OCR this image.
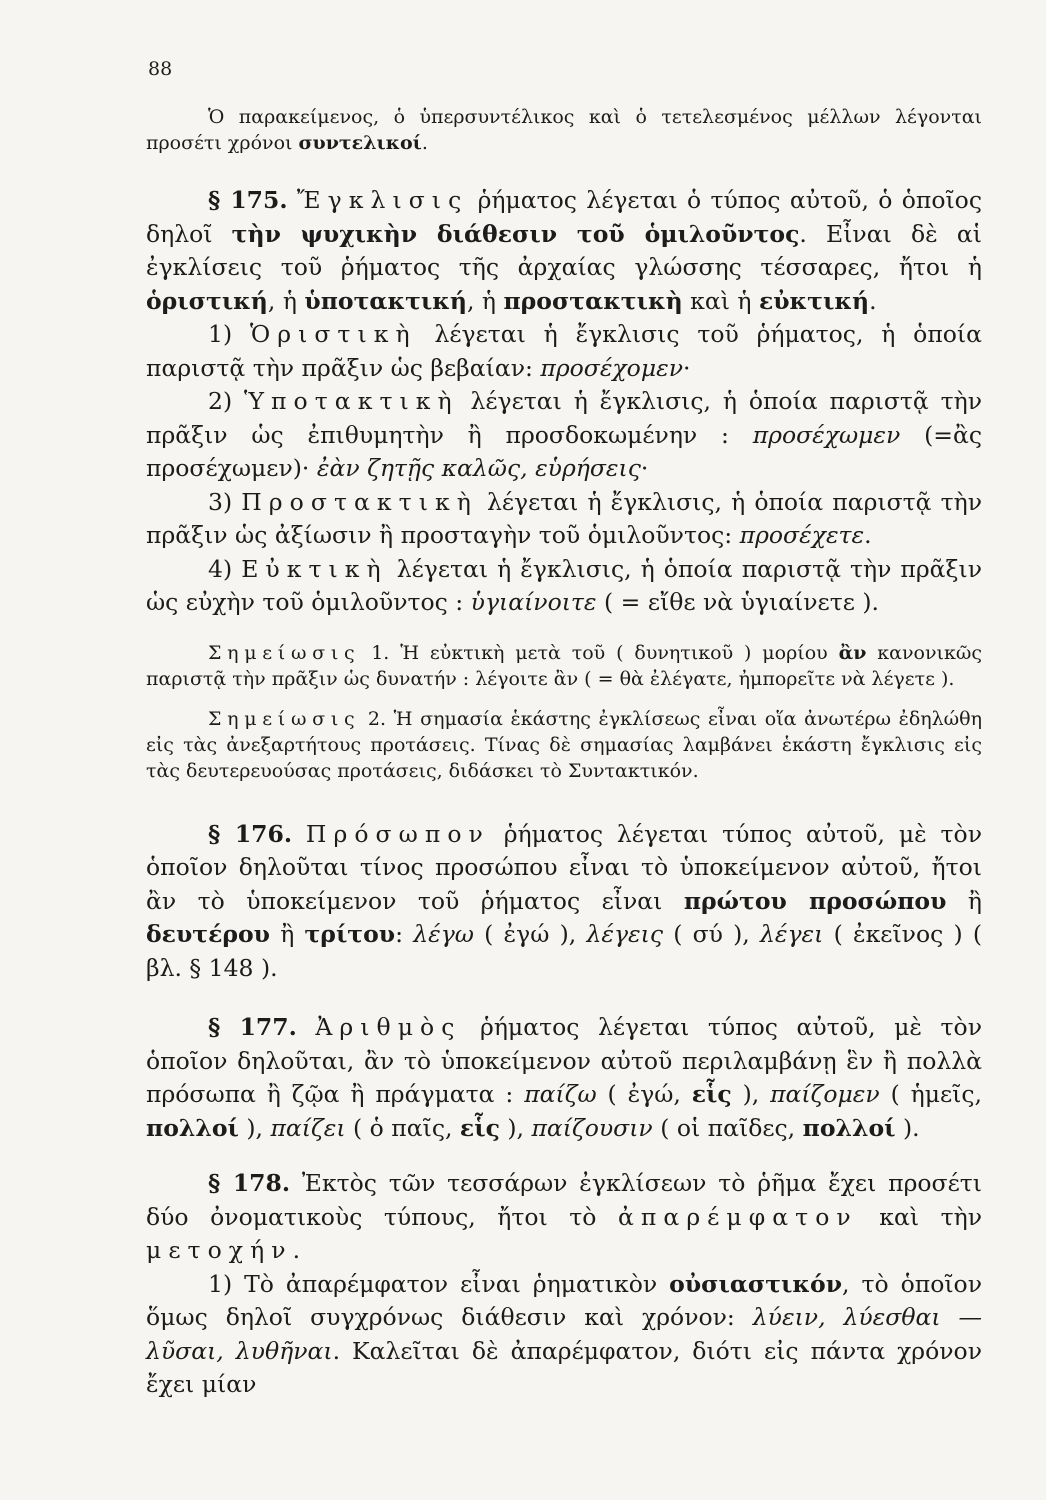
88

Ὁ παρακείμενος, ὁ ὑπερσυντέλικος καὶ ὁ τετελεσμένος μέλλων λέγονται προσέτι χρόνοι συντελικοί.

§ 175. Ἔγκλισις ῥήματος λέγεται ὁ τύπος αὐτοῦ, ὁ ὁποῖος δηλοῖ τὴν ψυχικὴν διάθεσιν τοῦ ὁμιλοῦντος. Εἶναι δὲ αἱ ἐγκλίσεις τοῦ ῥήματος τῆς ἀρχαίας γλώσσης τέσσαρες, ἤτοι ἡ ὁριστική, ἡ ὑποτακτική, ἡ προστακτικὴ καὶ ἡ εὐκτική.

1) Ὁριστικὴ λέγεται ἡ ἔγκλισις τοῦ ῥήματος, ἡ ὁποία παριστᾷ τὴν πρᾶξιν ὡς βεβαίαν: προσέχομεν·

2) Ὑποτακτικὴ λέγεται ἡ ἔγκλισις, ἡ ὁποία παριστᾷ τὴν πρᾶξιν ὡς ἐπιθυμητὴν ἢ προσδοκωμένην : προσέχωμεν (=ἂς προσέχωμεν)· ἐὰν ζητῇς καλῶς, εὑρήσεις·

3) Προστακτικὴ λέγεται ἡ ἔγκλισις, ἡ ὁποία παριστᾷ τὴν πρᾶξιν ὡς ἀξίωσιν ἢ προσταγὴν τοῦ ὁμιλοῦντος: προσέχετε.

4) Εὐκτικὴ λέγεται ἡ ἔγκλισις, ἡ ὁποία παριστᾷ τὴν πρᾶξιν ὡς εὐχὴν τοῦ ὁμιλοῦντος : ὑγιαίνοιτε ( = εἴθε νὰ ὑγιαίνετε ).

Σημείωσις 1. Ἡ εὐκτικὴ μετὰ τοῦ ( δυνητικοῦ ) μορίου ἂν κανονικῶς παριστᾷ τὴν πρᾶξιν ὡς δυνατήν : λέγοιτε ἂν ( = θὰ ἐλέγατε, ἠμπορεῖτε νὰ λέγετε ).

Σημείωσις 2. Ἡ σημασία ἑκάστης ἐγκλίσεως εἶναι οἵα ἀνωτέρω ἐδηλώθη εἰς τὰς ἀνεξαρτήτους προτάσεις. Τίνας δὲ σημασίας λαμβάνει ἑκάστη ἔγκλισις εἰς τὰς δευτερευούσας προτάσεις, διδάσκει τὸ Συντακτικόν.

§ 176. Πρόσωπον ῥήματος λέγεται τύπος αὐτοῦ, μὲ τὸν ὁποῖον δηλοῦται τίνος προσώπου εἶναι τὸ ὑποκείμενον αὐτοῦ, ἤτοι ἂν τὸ ὑποκείμενον τοῦ ῥήματος εἶναι πρώτου προσώπου ἢ δευτέρου ἢ τρίτου: λέγω ( ἐγώ ), λέγεις ( σύ ), λέγει ( ἐκεῖνος ) ( βλ. § 148 ).

§ 177. Ἀριθμὸς ῥήματος λέγεται τύπος αὐτοῦ, μὲ τὸν ὁποῖον δηλοῦται, ἂν τὸ ὑποκείμενον αὐτοῦ περιλαμβάνῃ ἓν ἢ πολλὰ πρόσωπα ἢ ζῷα ἢ πράγματα : παίζω ( ἐγώ, εἷς ), παίζομεν ( ἡμεῖς, πολλοί ), παίζει ( ὁ παῖς, εἷς ), παίζουσιν ( οἱ παῖδες, πολλοί ).

§ 178. Ἐκτὸς τῶν τεσσάρων ἐγκλίσεων τὸ ῥῆμα ἔχει προσέτι δύο ὀνοματικοὺς τύπους, ἤτοι τὸ ἀπαρέμφατον καὶ τὴν μετοχήν.

1) Τὸ ἀπαρέμφατον εἶναι ῥηματικὸν οὐσιαστικόν, τὸ ὁποῖον ὅμως δηλοῖ συγχρόνως διάθεσιν καὶ χρόνον: λύειν, λύεσθαι — λῦσαι, λυθῆναι. Καλεῖται δὲ ἀπαρέμφατον, διότι εἰς πάντα χρόνον ἔχει μίαν
